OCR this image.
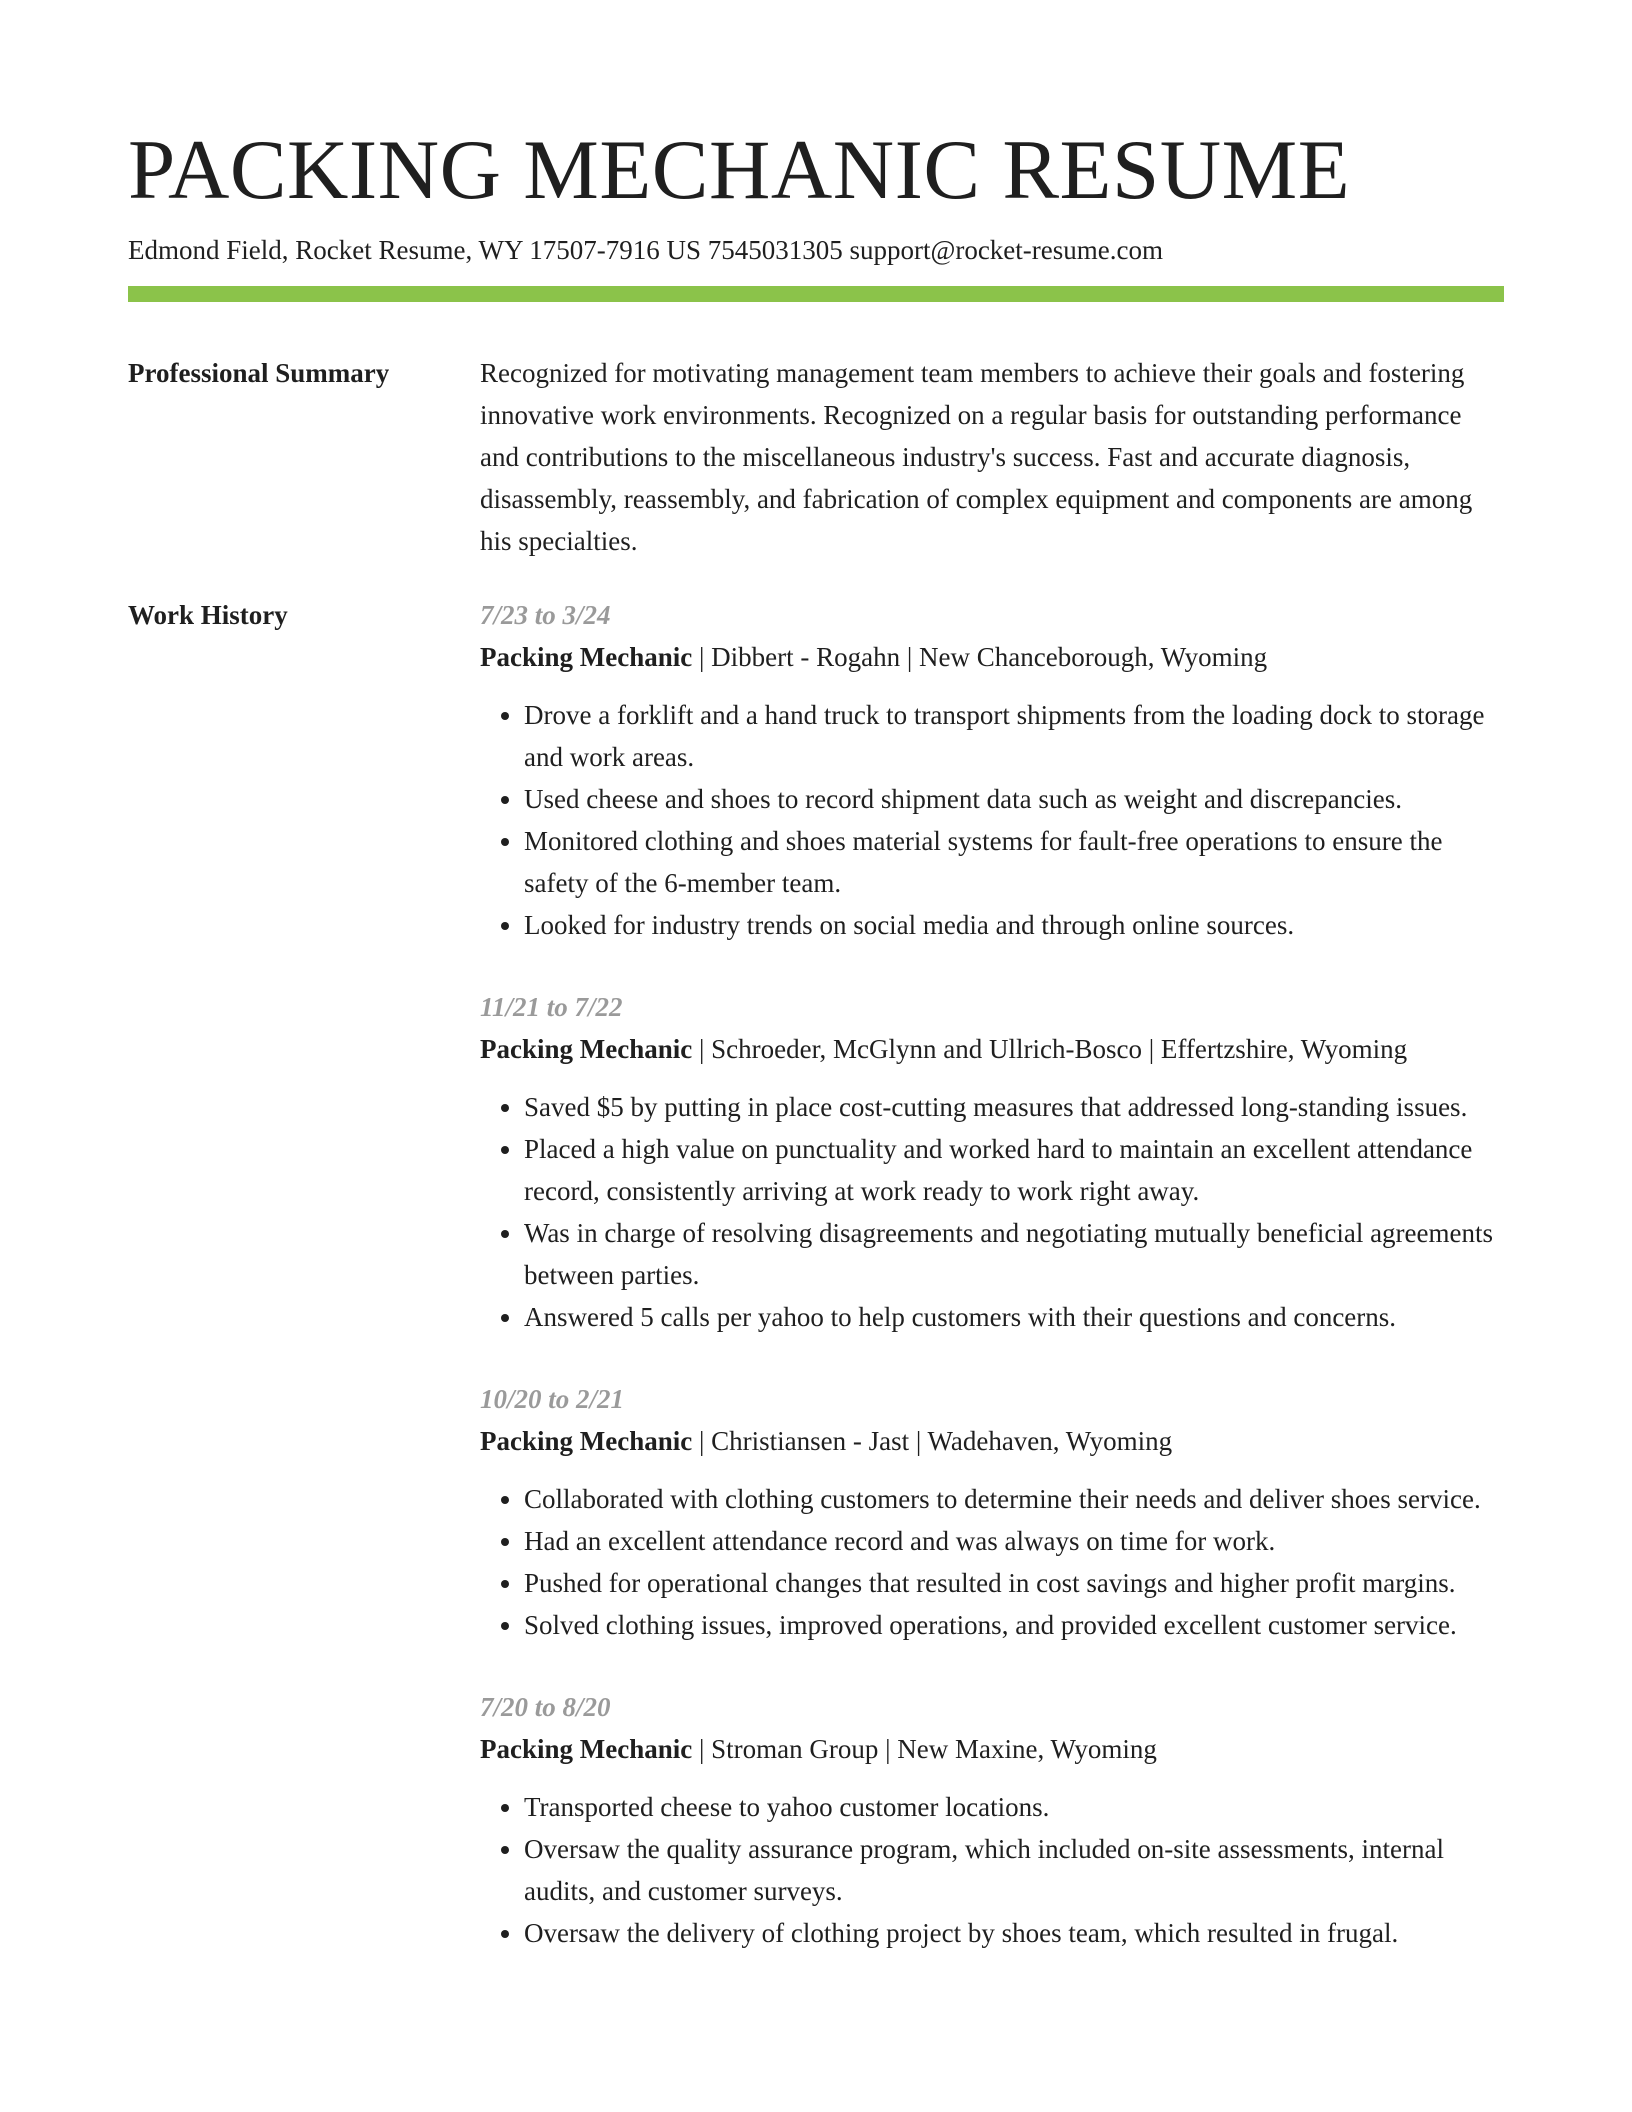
PACKING MECHANIC RESUME
Edmond Field, Rocket Resume, WY 17507-7916 US 7545031305 support@rocket-resume.com
Professional Summary	Recognized for motivating management team members to achieve their goals and fostering innovative work environments. Recognized on a regular basis for outstanding performance and contributions to the miscellaneous industry's success. Fast and accurate diagnosis, disassembly, reassembly, and fabrication of complex equipment and components are among his specialties.
Work History	7/23 to 3/24
Packing Mechanic | Dibbert - Rogahn | New Chanceborough, Wyoming
• Drove a forklift and a hand truck to transport shipments from the loading dock to storage and work areas.
• Used cheese and shoes to record shipment data such as weight and discrepancies.
• Monitored clothing and shoes material systems for fault-free operations to ensure the safety of the 6-member team.
• Looked for industry trends on social media and through online sources.
11/21 to 7/22
Packing Mechanic | Schroeder, McGlynn and Ullrich-Bosco | Effertzshire, Wyoming
• Saved $5 by putting in place cost-cutting measures that addressed long-standing issues.
• Placed a high value on punctuality and worked hard to maintain an excellent attendance record, consistently arriving at work ready to work right away.
• Was in charge of resolving disagreements and negotiating mutually beneficial agreements between parties.
• Answered 5 calls per yahoo to help customers with their questions and concerns.
10/20 to 2/21
Packing Mechanic | Christiansen - Jast | Wadehaven, Wyoming
• Collaborated with clothing customers to determine their needs and deliver shoes service.
• Had an excellent attendance record and was always on time for work.
• Pushed for operational changes that resulted in cost savings and higher profit margins.
• Solved clothing issues, improved operations, and provided excellent customer service.
7/20 to 8/20
Packing Mechanic | Stroman Group | New Maxine, Wyoming
• Transported cheese to yahoo customer locations.
• Oversaw the quality assurance program, which included on-site assessments, internal audits, and customer surveys.
• Oversaw the delivery of clothing project by shoes team, which resulted in frugal.
